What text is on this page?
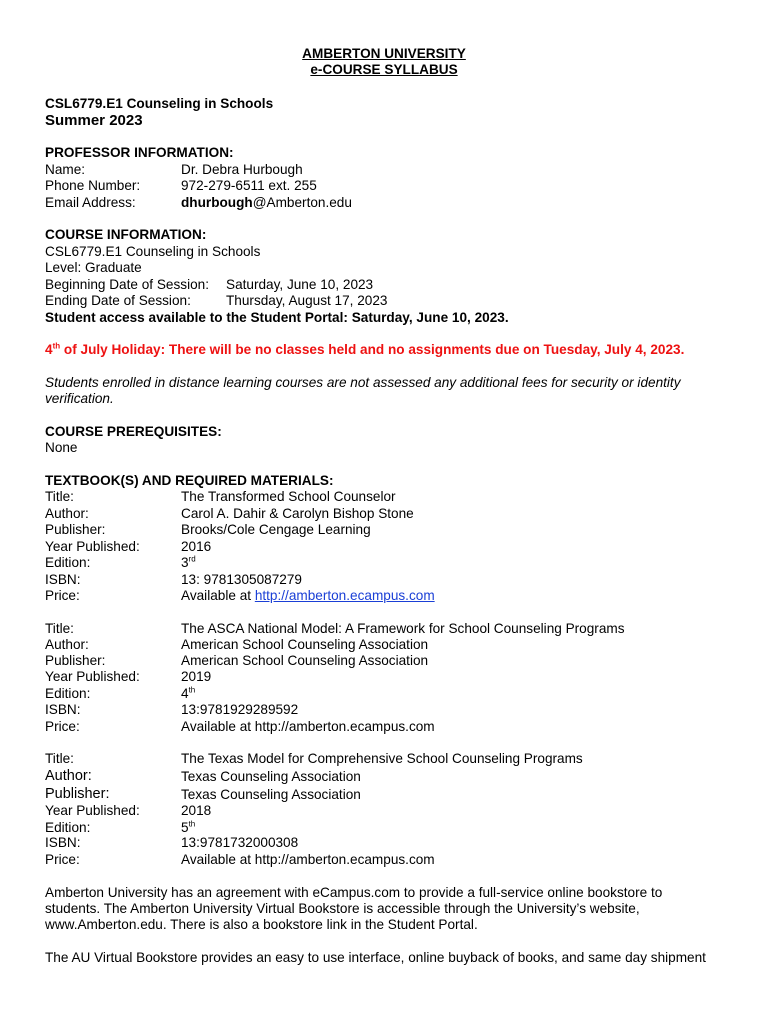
AMBERTON UNIVERSITY
e-COURSE SYLLABUS
CSL6779.E1 Counseling in Schools
Summer 2023
PROFESSOR INFORMATION:
Name:	Dr. Debra Hurbough
Phone Number:	972-279-6511 ext. 255
Email Address:	dhurbough@Amberton.edu
COURSE INFORMATION:
CSL6779.E1 Counseling in Schools
Level: Graduate
Beginning Date of Session: Saturday, June 10, 2023
Ending Date of Session:	Thursday, August 17, 2023
Student access available to the Student Portal: Saturday, June 10, 2023.
4th of July Holiday: There will be no classes held and no assignments due on Tuesday, July 4, 2023.
Students enrolled in distance learning courses are not assessed any additional fees for security or identity
verification.
COURSE PREREQUISITES:
None
TEXTBOOK(S) AND REQUIRED MATERIALS:
Title:	The Transformed School Counselor
Author:	Carol A. Dahir & Carolyn Bishop Stone
Publisher:	Brooks/Cole Cengage Learning
Year Published:	2016
Edition:	3rd
ISBN:	13: 9781305087279
Price:	Available at http://amberton.ecampus.com
Title:	The ASCA National Model: A Framework for School Counseling Programs
Author:	American School Counseling Association
Publisher:	American School Counseling Association
Year Published:	2019
Edition:	4th
ISBN:	13:9781929289592
Price:	Available at http://amberton.ecampus.com
Title:	The Texas Model for Comprehensive School Counseling Programs
Author:	Texas Counseling Association
Publisher:	Texas Counseling Association
Year Published:	2018
Edition:	5th
ISBN:	13:9781732000308
Price:	Available at http://amberton.ecampus.com
Amberton University has an agreement with eCampus.com to provide a full-service online bookstore to
students. The Amberton University Virtual Bookstore is accessible through the University’s website,
www.Amberton.edu. There is also a bookstore link in the Student Portal.
The AU Virtual Bookstore provides an easy to use interface, online buyback of books, and same day shipment
